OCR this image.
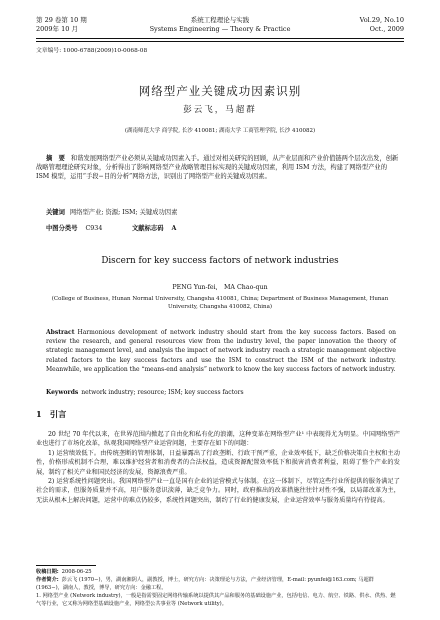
第 29 卷第 10 期
2009年 10 月
系统工程理论与实践
Systems Engineering — Theory & Practice
Vol.29, No.10
Oct., 2009
文章编号: 1000-6788(2009)10-0068-08
网络型产业关键成功因素识别
彭云飞，马超群
(湖南师范大学 商学院, 长沙 410081; 湖南大学 工商管理学院, 长沙 410082)
摘　要 和谐发展网络型产业必须从关键成功因素入手。通过对相关研究的回顾，从产业层面和产业价值链两个层次出发，创新战略管理理论研究对象，分析得出了影响网络型产业战略管理目标实现的关键成功因素，利用 ISM 方法，构建了网络型产业的 ISM 模型，运用“手段−目的分析”网络方法，识别出了网络型产业的关键成功因素。
关键词 网络型产业; 资源; ISM; 关键成功因素
中图分类号 C934	文献标志码 A
Discern for key success factors of network industries
PENG Yun-fei,　MA Chao-qun
(College of Business, Hunan Normal University, Changsha 410081, China; Department of Business Management, Hunan University, Changsha 410082, China)
Abstract Harmonious development of network industry should start from the key success factors. Based on review the research, and general resources view from the industry level, the paper innovation the theory of strategic management level, and analysis the impact of network industry reach a strategic management objective related factors to the key success factors and use the ISM to construct the ISM of the network industry. Meanwhile, we application the “means-end analysis” network to know the key success factors of network industry.
Keywords network industry; resource; ISM; key success factors
1　引言

20 世纪 70 年代以来，在世界范围内掀起了自由化和私有化的浪潮，这种变革在网络型产业¹ 中表现得尤为明显。中国网络型产业也进行了市场化改革，纵观我国网络型产业运营问题，主要存在如下的问题：

1) 运营绩效低下。由传统垄断的管理体制，日益暴露出了行政垄断、行政干预严重，企业效率低下，缺乏价格决策自主权和主动性，价格形成机制不合理，难以维护经营者和消费者的合法权益，造成资源配置效率低下和损害消费者利益，阻碍了整个产业的发展，制约了相关产业和国民经济的发展，资源浪费严重。

2) 运营系统性问题突出。我国网络型产业一直是国有企业的运营模式与体制。在这一体制下，尽管这些行业所提供的服务满足了社会的需求，但服务质量并不高，用户服务意识淡薄，缺乏竞争力。同时，政府推出的改革措施往往针对性不强，以局部改革为主，无法从根本上解决问题，运营中的难点仍较多，系统性问题突出，制约了行业的健康发展，企业运营效率与服务质量均有待提高。

收稿日期: 2008-06-25

作者简介: 彭云飞 (1970−)，男，湖南湘阴人，副教授，博士，研究方向：决策理论与方法，产业经济管理，E-mail: pyunfei@163.com; 马超群 (1963−)，湖南人，教授，博导，研究方向：金融工程。

1. 网络型产业 (Network industry)，一般是指需要固定网络传输系统以提供其产品和服务的基础设施产业，包括电信、电力、航空、铁路、供水、供热、燃气等行业，它又称为网络型基础设施产业，网络型公共事业等 (Network utility)。
